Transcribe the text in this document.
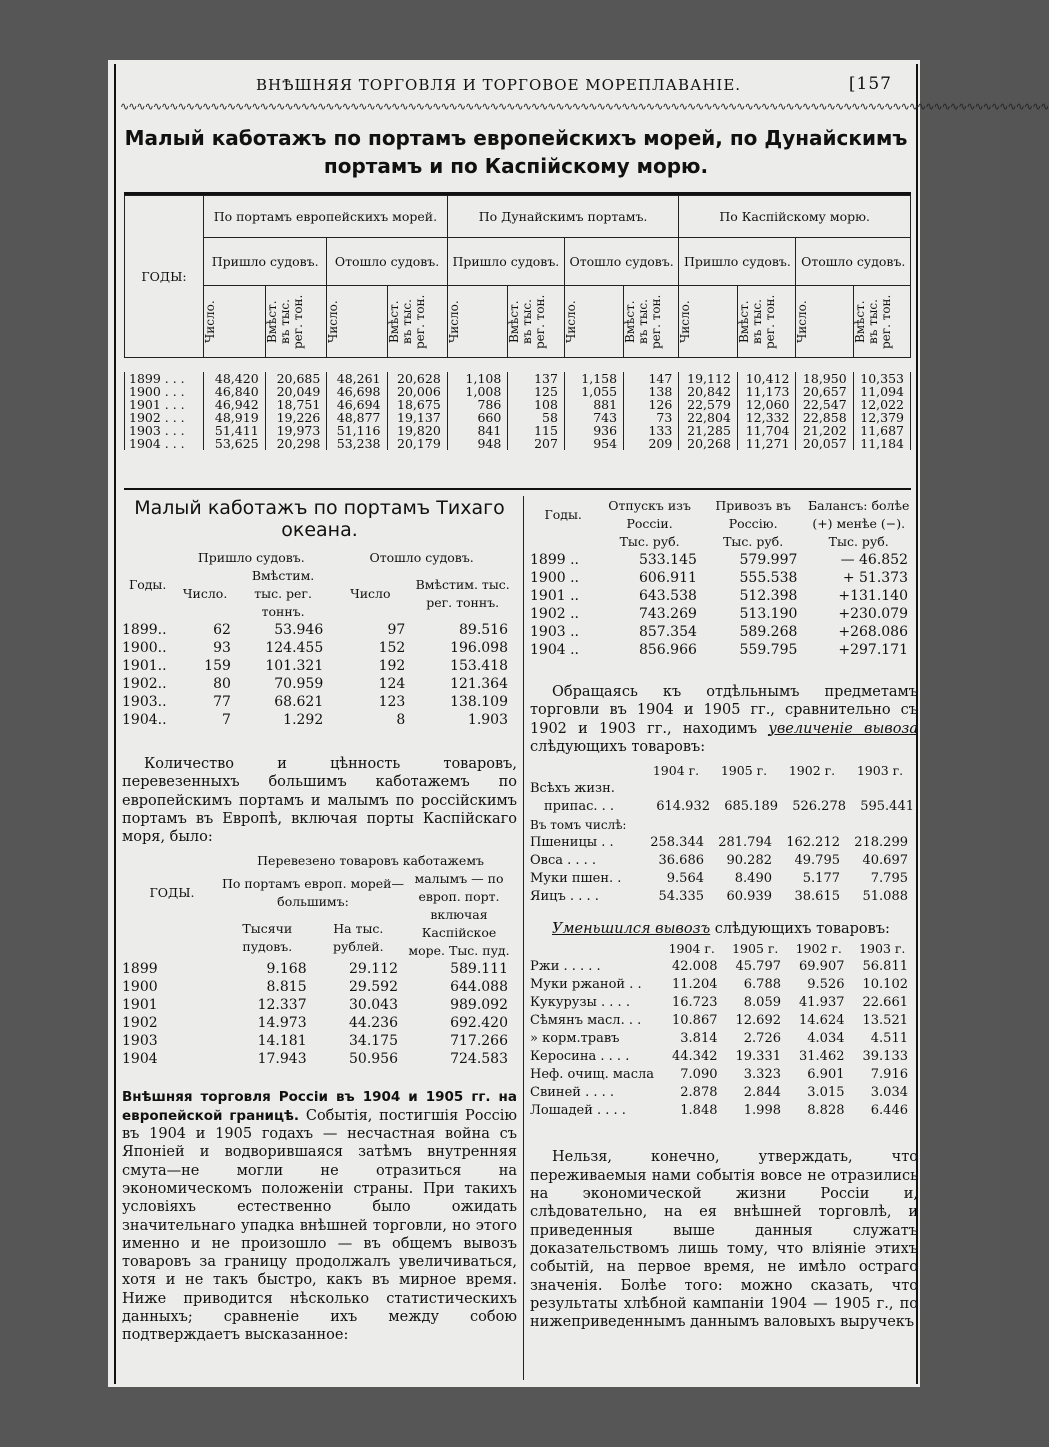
ВНѢШНЯЯ ТОРГОВЛЯ И ТОРГОВОЕ МОРЕПЛАВАНІЕ.	[157
∿∿∿∿∿∿∿∿∿∿∿∿∿∿∿∿∿∿∿∿∿∿∿∿∿∿∿∿∿∿∿∿∿∿∿∿∿∿∿∿∿∿∿∿∿∿∿∿∿∿∿∿∿∿∿∿∿∿∿∿∿∿∿∿∿∿∿∿∿∿∿∿∿∿∿∿∿∿∿∿∿∿∿∿∿∿∿∿∿∿∿∿∿∿∿∿∿∿∿∿∿∿∿∿∿∿∿∿∿∿∿∿∿
Малый каботажъ по портамъ европейскихъ морей, по Дунайскимъ портамъ и по Каспійскому морю.
ГОДЫ:	По портамъ европейскихъ морей.				По Дунайскимъ портамъ.				По Каспійскому морю.			
	Пришло судовъ.		Отошло судовъ.		Пришло судовъ.		Отошло судовъ.		Пришло судовъ.		Отошло судовъ.	

	Число.	Вмѣст. въ тыс. рег. тон.	Число.	Вмѣст. въ тыс. рег. тон.	Число.	Вмѣст. въ тыс. рег. тон.	Число.	Вмѣст. въ тыс. рег. тон.	Число.	Вмѣст. въ тыс. рег. тон.	Число.	Вмѣст. въ тыс. рег. тон.

1899 . . .	48,420	20,685	48,261	20,628	1,108	137	1,158	147	19,112	10,412	18,950	10,353
1900 . . .	46,840	20,049	46,698	20,006	1,008	125	1,055	138	20,842	11,173	20,657	11,094
1901 . . .	46,942	18,751	46,694	18,675	786	108	881	126	22,579	12,060	22,547	12,022
1902 . . .	48,919	19,226	48,877	19,137	660	58	743	73	22,804	12,332	22,858	12,379
1903 . . .	51,411	19,973	51,116	19,820	841	115	936	133	21,285	11,704	21,202	11,687
1904 . . .	53,625	20,298	53,238	20,179	948	207	954	209	20,268	11,271	20,057	11,184
Малый каботажъ по портамъ Тихаго океана.
Годы.	Пришло судовъ.		Отошло судовъ.	
	Число.	Вмѣстим. тыс. рег. тоннъ.	Число	Вмѣстим. тыс. рег. тоннъ.
1899..	62	53.946	97	89.516
1900..	93	124.455	152	196.098
1901..	159	101.321	192	153.418
1902..	80	70.959	124	121.364
1903..	77	68.621	123	138.109
1904..	7	1.292	8	1.903
Количество и цѣнность товаровъ, перевезенныхъ большимъ каботажемъ по европейскимъ портамъ и малымъ по россійскимъ портамъ въ Европѣ, включая порты Каспійскаго моря, было:
Перевезено товаровъ каботажемъ			
ГОДЫ.	По портамъ европ. морей—большимъ:		малымъ — по европ. порт. включая Каспійское море. Тыс. пуд.
	Тысячи пудовъ.	На тыс. рублей.	
1899	9.168	29.112	589.111
1900	8.815	29.592	644.088
1901	12.337	30.043	989.092
1902	14.973	44.236	692.420
1903	14.181	34.175	717.266
1904	17.943	50.956	724.583
Внѣшняя торговля Россіи въ 1904 и 1905 гг. на европейской границѣ. Событія, постигшія Россію въ 1904 и 1905 годахъ — несчастная война съ Японіей и водворившаяся затѣмъ внутренняя смута—не могли не отразиться на экономическомъ положеніи страны. При такихъ условіяхъ естественно было ожидать значительнаго упадка внѣшней торговли, но этого именно и не произошло — въ общемъ вывозъ товаровъ за границу продолжалъ увеличиваться, хотя и не такъ быстро, какъ въ мирное время. Ниже приводится нѣсколько статистическихъ данныхъ; сравненіе ихъ между собою подтверждаетъ высказанное:
Годы.	Отпускъ изъ Россіи.	Привозъ въ Россію.	Балансъ: болѣе (+) менѣе (−).
	Тыс. руб.	Тыс. руб.	Тыс. руб.
1899 ..	533.145	579.997	— 46.852
1900 ..	606.911	555.538	+ 51.373
1901 ..	643.538	512.398	+131.140
1902 ..	743.269	513.190	+230.079
1903 ..	857.354	589.268	+268.086
1904 ..	856.966	559.795	+297.171
Обращаясь къ отдѣльнымъ предметамъ торговли въ 1904 и 1905 гг., сравнительно съ 1902 и 1903 гг., находимъ увеличеніе вывоза слѣдующихъ товаровъ:
	1904 г.	1905 г.	1902 г.	1903 г.
Всѣхъ жизн.				
припас. . .	614.932	685.189	526.278	595.441
Въ томъ числѣ:				
Пшеницы . .	258.344	281.794	162.212	218.299
Овса . . . .	36.686	90.282	49.795	40.697
Муки пшен. .	9.564	8.490	5.177	7.795
Яицъ . . . .	54.335	60.939	38.615	51.088
Уменьшился вывозъ слѣдующихъ товаровъ:
	1904 г.	1905 г.	1902 г.	1903 г.
Ржи . . . . .	42.008	45.797	69.907	56.811
Муки ржаной . .	11.204	6.788	9.526	10.102
Кукурузы . . . .	16.723	8.059	41.937	22.661
Сѣмянъ масл. . .	10.867	12.692	14.624	13.521
» корм.травъ	3.814	2.726	4.034	4.511
Керосина . . . .	44.342	19.331	31.462	39.133
Неф. очищ. масла	7.090	3.323	6.901	7.916
Свиней . . . .	2.878	2.844	3.015	3.034
Лошадей . . . .	1.848	1.998	8.828	6.446
Нельзя, конечно, утверждать, что переживаемыя нами событія вовсе не отразились на экономической жизни Россіи и, слѣдовательно, на ея внѣшней торговлѣ, и приведенныя выше данныя служатъ доказательствомъ лишь тому, что вліяніе этихъ событій, на первое время, не имѣло остраго значенія. Болѣе того: можно сказать, что результаты хлѣбной кампаніи 1904 — 1905 г., по нижеприведеннымъ даннымъ валовыхъ выручекъ
